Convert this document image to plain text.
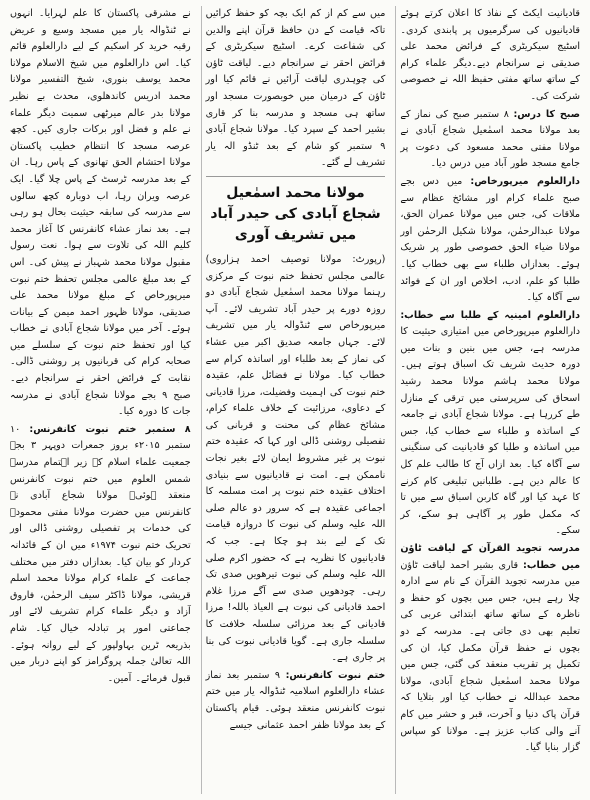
قادیانیت ایکٹ کے نفاذ کا اعلان کرتے ہوئے قادیانیوں کی سرگرمیوں پر پابندی کردی۔ اسٹیج سیکریٹری کے فرائض محمد علی صدیقی نے سرانجام دیے۔دیگر علماء کرام کے ساتھ ساتھ مفتی حفیظ اللہ نے خصوصی شرکت کی۔

صبح کا درس: ۸ ستمبر صبح کی نماز کے بعد مولانا محمد اسمٰعیل شجاع آبادی نے مولانا مفتی محمد مسعود کی دعوت پر جامع مسجد طور آباد میں درس دیا۔

دارالعلوم میرپورخاص: میں دس بجے صبح علماء کرام اور مشائخ عظام سے ملاقات کی، جس میں مولانا عمران الحق، مولانا عبدالرحمٰن، مولانا شکیل الرحمٰن اور مولانا ضیاء الحق خصوصی طور پر شریک ہوئے۔ بعدازاں طلباء سے بھی خطاب کیا۔ طلبا کو علم، ادب، اخلاص اور ان کے فوائد سے آگاہ کیا۔

دارالعلوم امینیہ کے طلبا سے خطاب: دارالعلوم میرپورخاص میں امتیازی حیثیت کا مدرسہ ہے، جس میں بنین و بنات میں دورہ حدیث شریف تک اسباق ہوتے ہیں۔ مولانا محمد ہاشم مولانا محمد رشید اسحاق کی سرپرستی میں ترقی کے منازل طے کررہا ہے۔ مولانا شجاع آبادی نے جامعہ کے اساتذہ و طلباء سے خطاب کیا، جس میں اساتذہ و طلبا کو قادیانیت کی سنگینی سے آگاہ کیا۔ بعد ازاں آج کا طالب علم کل کا عالم دین ہے۔ طلبانیں تبلیغی کام کرنے کا عہد کیا اور گاہ کاربن اسباق سے میں تا کہ مکمل طور پر آگاہی ہو سکے، کر سکے۔

مدرسہ تجوید القرآن کے لیاقت ٹاؤن میں خطاب: قاری بشیر احمد لیاقت ٹاؤن میں مدرسہ تجوید القرآن کے نام سے ادارہ چلا رہے ہیں، جس میں بچوں کو حفظ و ناظرہ کے ساتھ ساتھ ابتدائی عربی کی تعلیم بھی دی جاتی ہے۔ مدرسہ کے دو بچوں نے حفظ قرآن مکمل کیا، ان کی تکمیل پر تقریب منعقد کی گئی، جس میں مولانا محمد اسمٰعیل شجاع آبادی، مولانا محمد عبداللہ نے خطاب کیا اور بتلایا کہ قرآن پاک دنیا و آخرت، قبر و حشر میں کام آنے والی کتاب عزیز ہے۔ مولانا کو سپاس گزار بنایا گیا۔

میں سے کم از کم ایک بچہ کو حفظ کرائیں تاکہ قیامت کے دن حافظ قرآن اپنے والدین کی شفاعت کرے۔ اسٹیج سیکریٹری کے فرائض احقر نے سرانجام دیے۔ لیاقت ٹاؤن کی چوہدری لیاقت آرائیں نے قائم کیا اور ٹاؤن کے درمیان میں خوبصورت مسجد اور ساتھ ہی مسجد و مدرسہ بنا کر قاری بشیر احمد کے سپرد کیا۔ مولانا شجاع آبادی ۹ ستمبر کو شام کے بعد ٹنڈو الہ یار تشریف لے گئے۔

مولانا محمد اسمٰعیل شجاع آبادی کی حیدر آباد میں تشریف آوری

(رپورٹ: مولانا توصیف احمد ہزاروی) عالمی مجلس تحفظ ختم نبوت کے مرکزی رہنما مولانا محمد اسمٰعیل شجاع آبادی دو روزہ دورے پر حیدر آباد تشریف لائے۔ آپ میرپورخاص سے ٹنڈوالہ یار میں تشریف لائے۔ جہاں جامعہ صدیق اکبر میں عشاء کی نماز کے بعد طلباء اور اساتذہ کرام سے خطاب کیا۔ مولانا نے فضائل علم، عقیدہ ختم نبوت کی اہمیت وفضیلت، مرزا قادیانی کے دعاوی، مرزائیت کے خلاف علماء کرام، مشائخ عظام کی محنت و قربانی کی تفصیلی روشنی ڈالی اور کہا کہ عقیدہ ختم نبوت پر غیر مشروط ایمان لائے بغیر نجات ناممکن ہے۔ امت نے قادیانیوں سے بنیادی اختلاف عقیدہ ختم نبوت پر امت مسلمہ کا اجماعی عقیدہ ہے کہ سرور دو عالم صلی اللہ علیہ وسلم کی نبوت کا دروازہ قیامت تک کے لیے بند ہو چکا ہے۔ جب کہ قادیانیوں کا نظریہ ہے کہ حضور اکرم صلی اللہ علیہ وسلم کی نبوت تیرھویں صدی تک رہی۔ چودھویں صدی سے آگے مرزا غلام احمد قادیانی کی نبوت ہے العیاذ باللہ! مرزا قادیانی کے بعد مرزائی سلسلہ خلافت کا سلسلہ جاری ہے۔ گویا قادیانی نبوت کی بنا پر جاری ہے۔

ختم نبوت کانفرنس: ۹ ستمبر بعد نماز عشاء دارالعلوم اسلامیہ ٹنڈوالہ یار میں ختم نبوت کانفرنس منعقد ہوئی۔ قیام پاکستان کے بعد مولانا ظفر احمد عثمانی جیسے

نے مشرقی پاکستان کا علم لہرایا۔ انہوں نے ٹنڈوالہ یار میں مسجد وسیع و عریض رقبہ خرید کر اسکیم کے لیے دارالعلوم قائم کیا۔ اس دارالعلوم میں شیخ الاسلام مولانا محمد یوسف بنوری، شیخ التفسیر مولانا محمد ادریس کاندھلوی، محدث بے نظیر مولانا بدر عالم میرٹھی سمیت دیگر علماء نے علم و فضل اور برکات جاری کیں۔ کچھ عرصہ مسجد کا انتظام خطیب پاکستان مولانا احتشام الحق تھانوی کے پاس رہا۔ ان کے بعد مدرسہ ٹرسٹ کے پاس چلا گیا۔ ایک عرصہ ویران رہا، اب دوبارہ کچھ سالوں سے مدرسہ کی سابقہ حیثیت بحال ہو رہی ہے۔ بعد نماز عشاء کانفرنس کا آغاز محمد کلیم اللہ کی تلاوت سے ہوا۔ نعت رسول مقبول مولانا محمد شہباز نے پیش کی۔ اس کے بعد مبلغ عالمی مجلس تحفظ ختم نبوت میرپورخاص کے مبلغ مولانا محمد علی صدیقی، مولانا ظہور احمد میمن کے بیانات ہوئے۔ آخر میں مولانا شجاع آبادی نے خطاب کیا اور تحفظ ختم نبوت کے سلسلے میں صحابہ کرام کی قربانیوں پر روشنی ڈالی۔ نقابت کے فرائض احقر نے سرانجام دیے۔ صبح ۹ بجے مولانا شجاع آبادی نے مدرسہ جات کا دورہ کیا۔

۸ ستمبر ختم نبوت کانفرنس: ۱۰ ستمبر ۲۰۱۵ء بروز جمعرات دوپہر ۳ بجے جمعیت علماء اسلام کے زیر اہتمام مدرسہ شمس العلوم میں ختم نبوت کانفرنس منعقد ہوئی۔ مولانا شجاع آبادی نے کانفرنس میں حضرت مولانا مفتی محمودؒ کی خدمات پر تفصیلی روشنی ڈالی اور تحریک ختم نبوت ۱۹۷۴ء میں ان کے قائدانہ کردار کو بیان کیا۔ بعدازاں دفتر میں مختلف جماعت کے علماء کرام مولانا محمد اسلم قریشی، مولانا ڈاکٹر سیف الرحمٰن، فاروق آزاد و دیگر علماء کرام تشریف لائے اور جماعتی امور پر تبادلہ خیال کیا۔ شام بذریعہ ٹرین بہاولپور کے لیے روانہ ہوئے۔ اللہ تعالیٰ جملہ پروگرامز کو اپنے دربار میں قبول فرمائے۔ آمین۔
